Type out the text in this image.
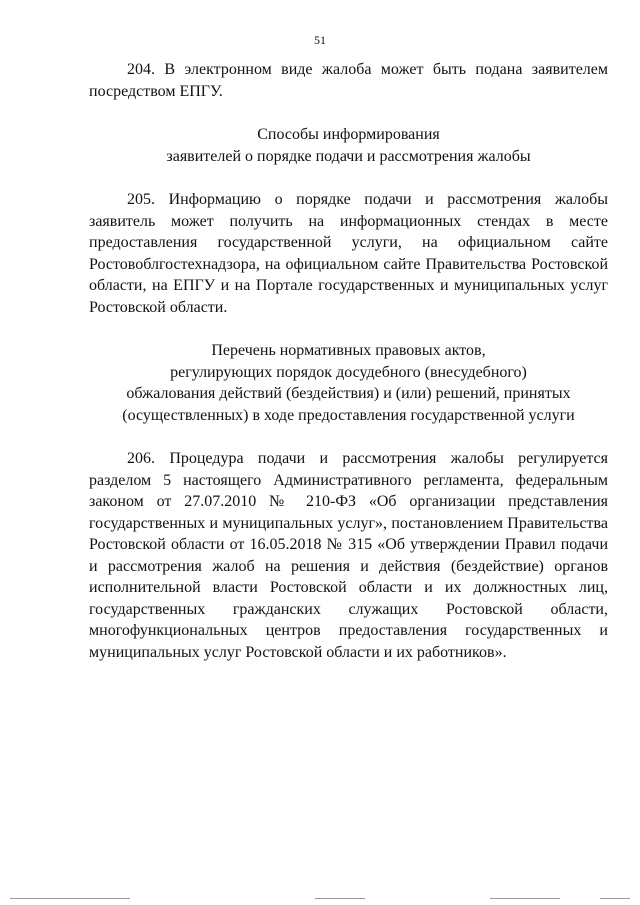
51

204. В электронном виде жалоба может быть подана заявителем посредством ЕПГУ.

Способы информирования
заявителей о порядке подачи и рассмотрения жалобы

205. Информацию о порядке подачи и рассмотрения жалобы заявитель может получить на информационных стендах в месте предоставления государственной услуги, на официальном сайте Ростовоблгостехнадзора, на официальном сайте Правительства Ростовской области, на ЕПГУ и на Портале государственных и муниципальных услуг Ростовской области.

Перечень нормативных правовых актов,
регулирующих порядок досудебного (внесудебного)
обжалования действий (бездействия) и (или) решений, принятых
(осуществленных) в ходе предоставления государственной услуги

206. Процедура подачи и рассмотрения жалобы регулируется разделом 5 настоящего Административного регламента, федеральным законом от 27.07.2010 № 210-ФЗ «Об организации представления государственных и муниципальных услуг», постановлением Правительства Ростовской области от 16.05.2018 № 315 «Об утверждении Правил подачи и рассмотрения жалоб на решения и действия (бездействие) органов исполнительной власти Ростовской области и их должностных лиц, государственных гражданских служащих Ростовской области, многофункциональных центров предоставления государственных и муниципальных услуг Ростовской области и их работников».
